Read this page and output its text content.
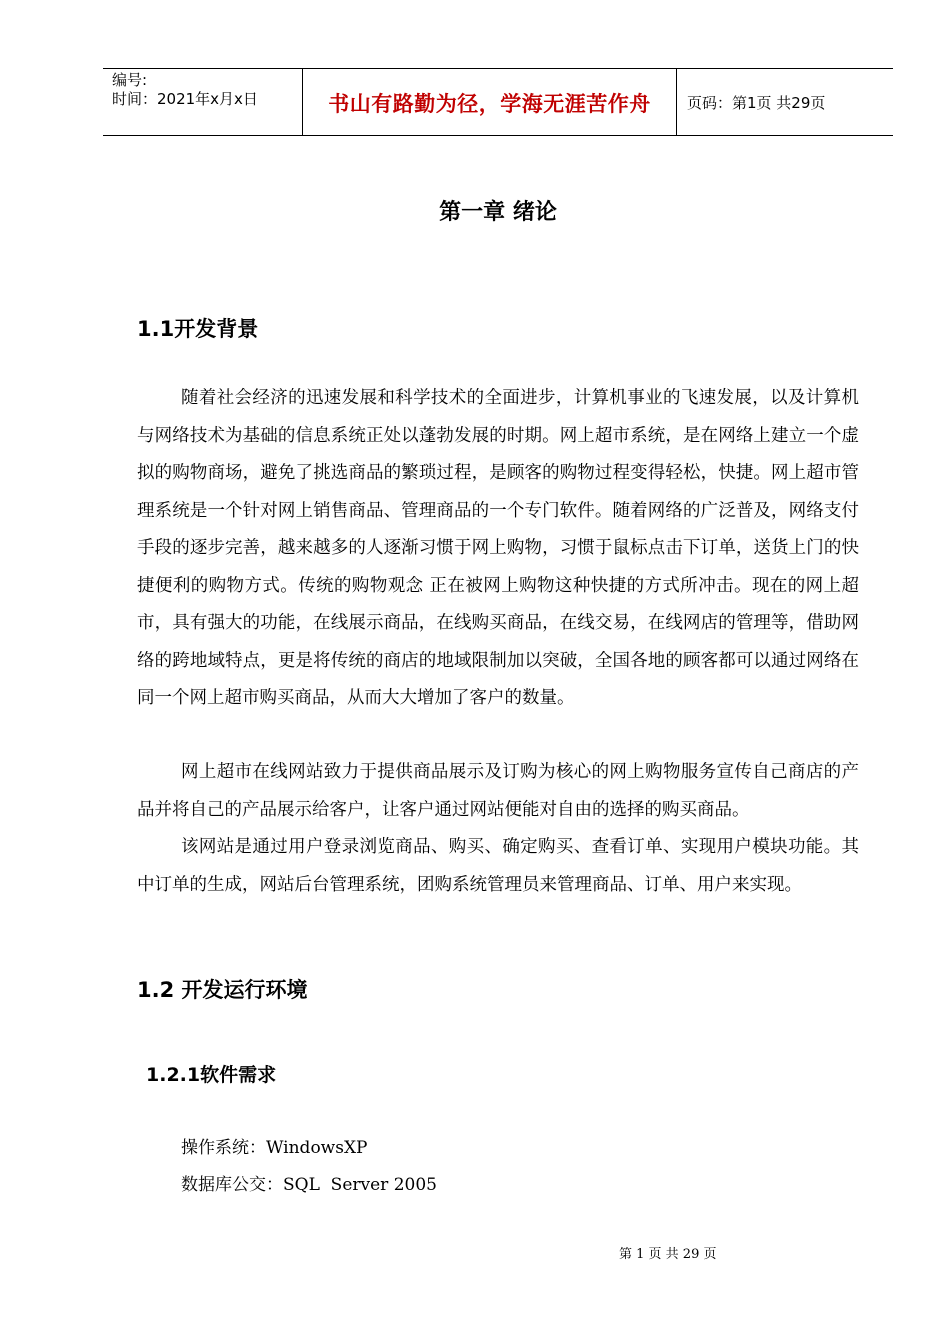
编号:
时间：2021年x月x日	书山有路勤为径，学海无涯苦作舟 页码：第1页 共29页
第一章 绪论
1.1开发背景

随着社会经济的迅速发展和科学技术的全面进步，计算机事业的飞速发展，以及计算机与网络技术为基础的信息系统正处以蓬勃发展的时期。网上超市系统，是在网络上建立一个虚拟的购物商场，避免了挑选商品的繁琐过程，是顾客的购物过程变得轻松，快捷。网上超市管理系统是一个针对网上销售商品、管理商品的一个专门软件。随着网络的广泛普及，网络支付手段的逐步完善，越来越多的人逐渐习惯于网上购物，习惯于鼠标点击下订单，送货上门的快捷便利的购物方式。传统的购物观念 正在被网上购物这种快捷的方式所冲击。现在的网上超市，具有强大的功能，在线展示商品，在线购买商品，在线交易，在线网店的管理等，借助网络的跨地域特点，更是将传统的商店的地域限制加以突破，全国各地的顾客都可以通过网络在同一个网上超市购买商品，从而大大增加了客户的数量。

网上超市在线网站致力于提供商品展示及订购为核心的网上购物服务宣传自己商店的产品并将自己的产品展示给客户，让客户通过网站便能对自由的选择的购买商品。

该网站是通过用户登录浏览商品、购买、确定购买、查看订单、实现用户模块功能。其中订单的生成，网站后台管理系统，团购系统管理员来管理商品、订单、用户来实现。

1.2 开发运行环境
1.2.1软件需求
操作系统：WindowsXP
数据库公交：SQL  Server 2005
第 1 页 共 29 页
